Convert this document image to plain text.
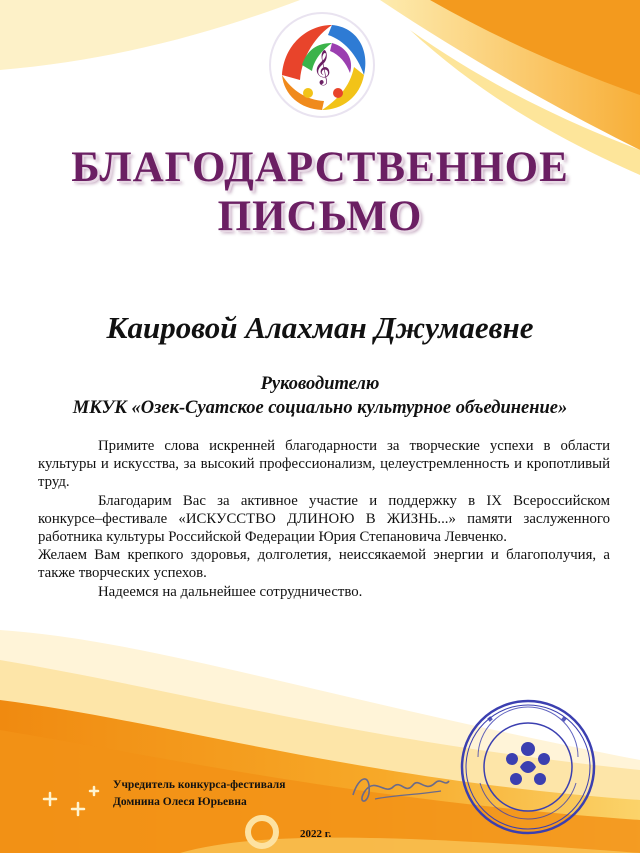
𝄞
БЛАГОДАРСТВЕННОЕ
ПИСЬМО
Каировой Алахман Джумаевне
Руководителю
МКУК «Озек-Суатское социально культурное объединение»

Примите слова искренней благодарности за творческие успехи в области культуры и искусства, за высокий профессионализм, целеустремленность и кропотливый труд.

Благодарим Вас за активное участие и поддержку в IX Всероссийском конкурсе–фестивале «ИСКУССТВО ДЛИНОЮ В ЖИЗНЬ...» памяти заслуженного работника культуры Российской Федерации Юрия Степановича Левченко.

Желаем Вам крепкого здоровья, долголетия, неиссякаемой энергии и благополучия, а также творческих успехов.

Надеемся на дальнейшее сотрудничество.

Учредитель конкурса-фестиваля
Домнина Олеся Юрьевна
2022 г.
